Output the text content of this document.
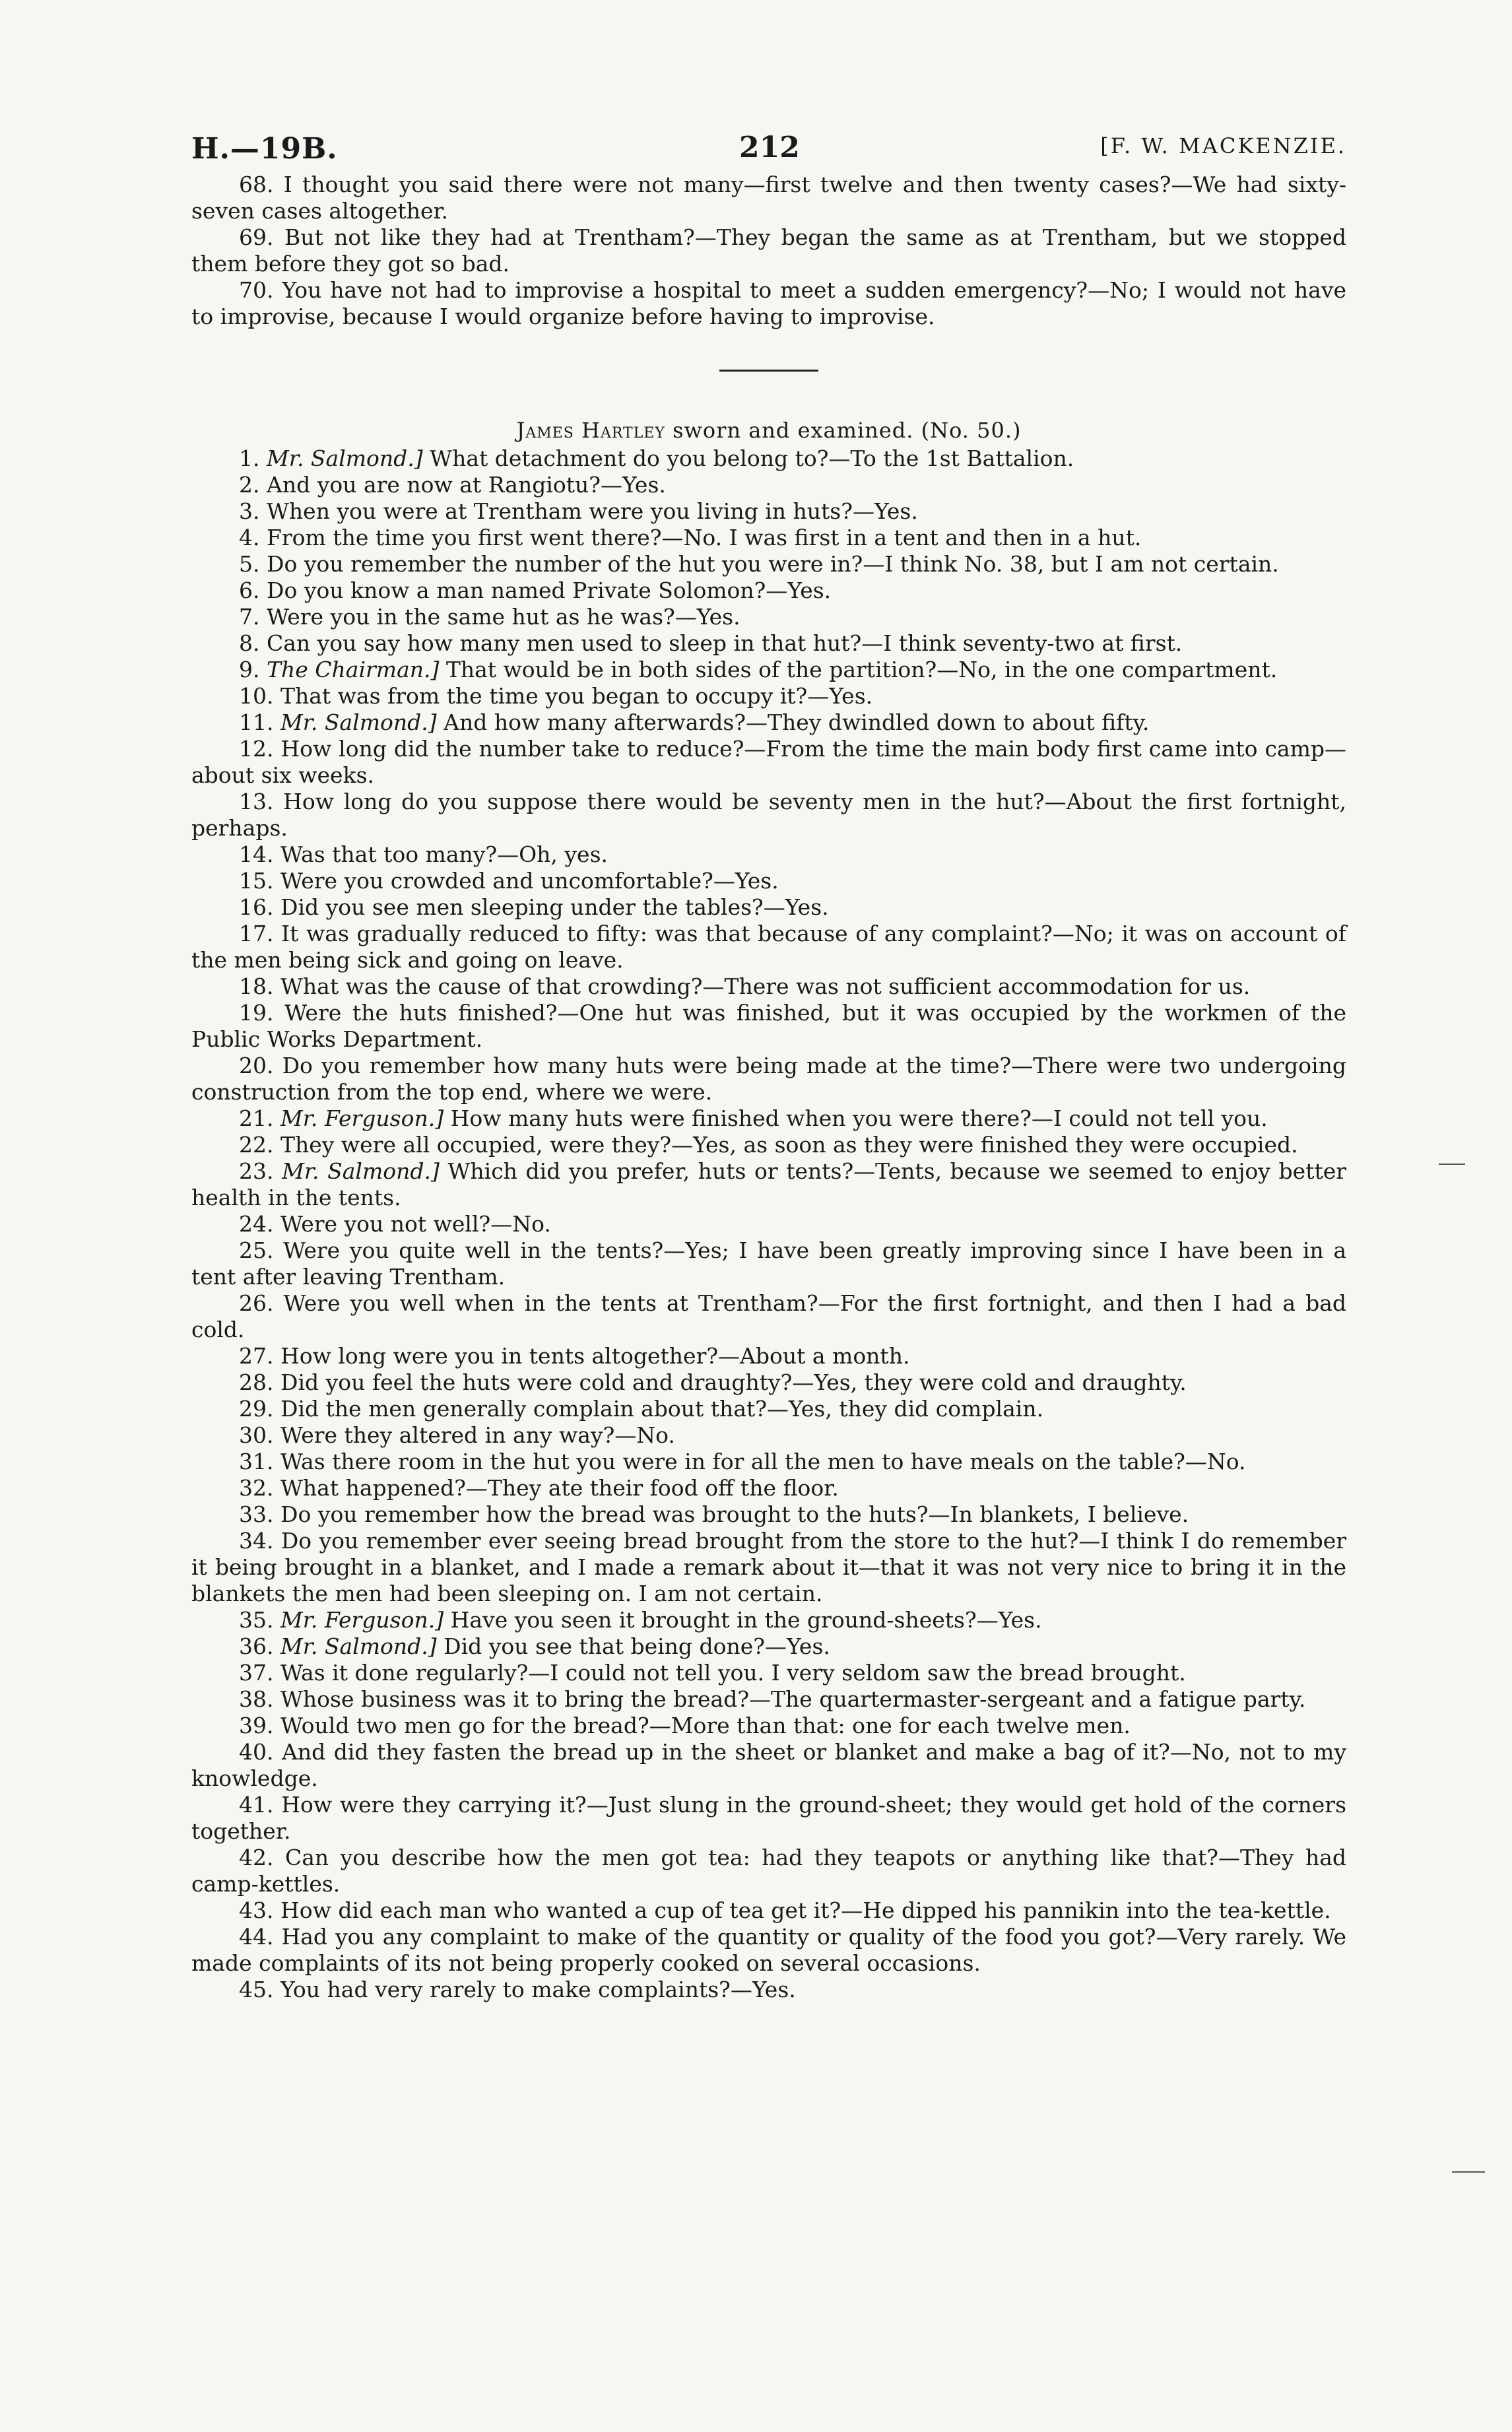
H.—19B.	212	[F. W. MACKENZIE.

68. I thought you said there were not many—first twelve and then twenty cases?—We had sixty-seven cases altogether.

69. But not like they had at Trentham?—They began the same as at Trentham, but we stopped them before they got so bad.

70. You have not had to improvise a hospital to meet a sudden emergency?—No; I would not have to improvise, because I would organize before having to improvise.

James Hartley sworn and examined. (No. 50.)

1. Mr. Salmond.] What detachment do you belong to?—To the 1st Battalion.

2. And you are now at Rangiotu?—Yes.

3. When you were at Trentham were you living in huts?—Yes.

4. From the time you first went there?—No. I was first in a tent and then in a hut.

5. Do you remember the number of the hut you were in?—I think No. 38, but I am not certain.

6. Do you know a man named Private Solomon?—Yes.

7. Were you in the same hut as he was?—Yes.

8. Can you say how many men used to sleep in that hut?—I think seventy-two at first.

9. The Chairman.] That would be in both sides of the partition?—No, in the one compartment.

10. That was from the time you began to occupy it?—Yes.

11. Mr. Salmond.] And how many afterwards?—They dwindled down to about fifty.

12. How long did the number take to reduce?—From the time the main body first came into camp—about six weeks.

13. How long do you suppose there would be seventy men in the hut?—About the first fortnight, perhaps.

14. Was that too many?—Oh, yes.

15. Were you crowded and uncomfortable?—Yes.

16. Did you see men sleeping under the tables?—Yes.

17. It was gradually reduced to fifty: was that because of any complaint?—No; it was on account of the men being sick and going on leave.

18. What was the cause of that crowding?—There was not sufficient accommodation for us.

19. Were the huts finished?—One hut was finished, but it was occupied by the workmen of the Public Works Department.

20. Do you remember how many huts were being made at the time?—There were two undergoing construction from the top end, where we were.

21. Mr. Ferguson.] How many huts were finished when you were there?—I could not tell you.

22. They were all occupied, were they?—Yes, as soon as they were finished they were occupied.

23. Mr. Salmond.] Which did you prefer, huts or tents?—Tents, because we seemed to enjoy better health in the tents.

24. Were you not well?—No.

25. Were you quite well in the tents?—Yes; I have been greatly improving since I have been in a tent after leaving Trentham.

26. Were you well when in the tents at Trentham?—For the first fortnight, and then I had a bad cold.

27. How long were you in tents altogether?—About a month.

28. Did you feel the huts were cold and draughty?—Yes, they were cold and draughty.

29. Did the men generally complain about that?—Yes, they did complain.

30. Were they altered in any way?—No.

31. Was there room in the hut you were in for all the men to have meals on the table?—No.

32. What happened?—They ate their food off the floor.

33. Do you remember how the bread was brought to the huts?—In blankets, I believe.

34. Do you remember ever seeing bread brought from the store to the hut?—I think I do remember it being brought in a blanket, and I made a remark about it—that it was not very nice to bring it in the blankets the men had been sleeping on. I am not certain.

35. Mr. Ferguson.] Have you seen it brought in the ground-sheets?—Yes.

36. Mr. Salmond.] Did you see that being done?—Yes.

37. Was it done regularly?—I could not tell you. I very seldom saw the bread brought.

38. Whose business was it to bring the bread?—The quartermaster-sergeant and a fatigue party.

39. Would two men go for the bread?—More than that: one for each twelve men.

40. And did they fasten the bread up in the sheet or blanket and make a bag of it?—No, not to my knowledge.

41. How were they carrying it?—Just slung in the ground-sheet; they would get hold of the corners together.

42. Can you describe how the men got tea: had they teapots or anything like that?—They had camp-kettles.

43. How did each man who wanted a cup of tea get it?—He dipped his pannikin into the tea-kettle.

44. Had you any complaint to make of the quantity or quality of the food you got?—Very rarely. We made complaints of its not being properly cooked on several occasions.

45. You had very rarely to make complaints?—Yes.
